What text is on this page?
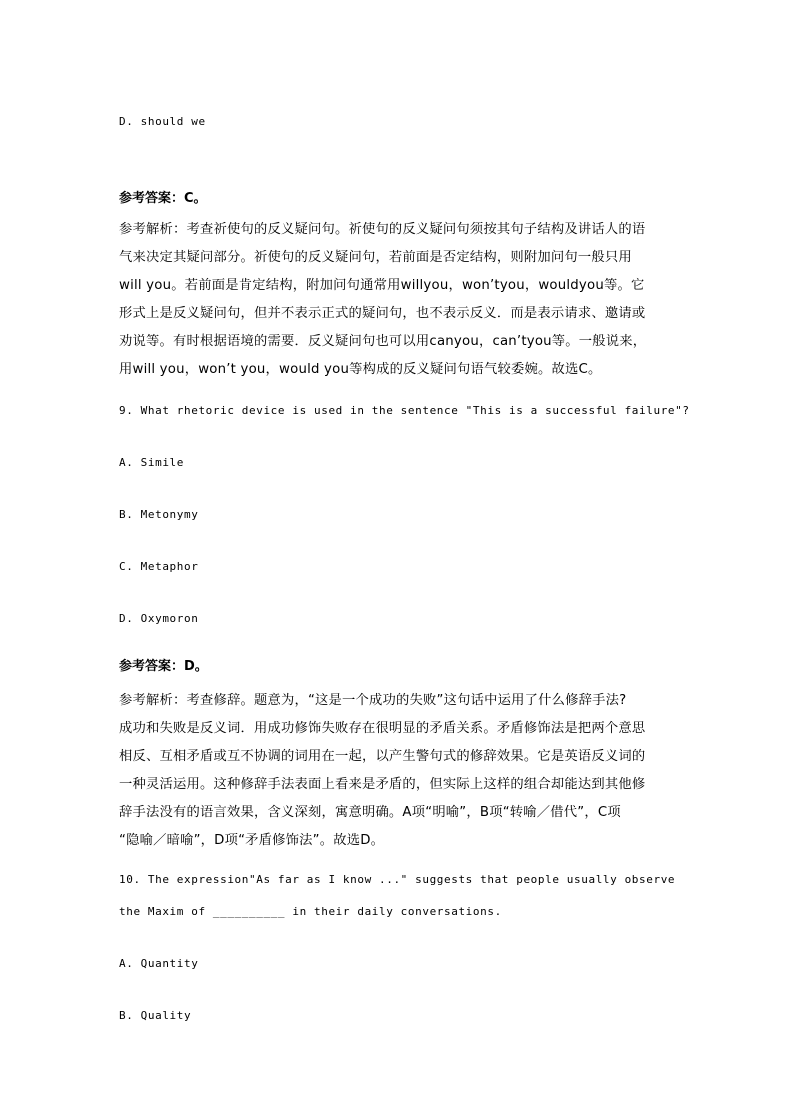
D. should we
参考答案：C。
参考解析：考查祈使句的反义疑问句。祈使句的反义疑问句须按其句子结构及讲话人的语
气来决定其疑问部分。祈使句的反义疑问句，若前面是否定结构，则附加问句一般只用
will you。若前面是肯定结构，附加问句通常用willyou，won’tyou，wouldyou等。它
形式上是反义疑问句，但并不表示正式的疑问句，也不表示反义．而是表示请求、邀请或
劝说等。有时根据语境的需要．反义疑问句也可以用canyou，can’tyou等。一般说来，
用will you，won’t you，would you等构成的反义疑问句语气较委婉。故选C。
9. What rhetoric device is used in the sentence "This is a successful failure"?
A. Simile
B. Metonymy
C. Metaphor
D. Oxymoron
参考答案：D。
参考解析：考查修辞。题意为，“这是一个成功的失败”这句话中运用了什么修辞手法?
成功和失败是反义词．用成功修饰失败存在很明显的矛盾关系。矛盾修饰法是把两个意思
相反、互相矛盾或互不协调的词用在一起，以产生警句式的修辞效果。它是英语反义词的
一种灵活运用。这种修辞手法表面上看来是矛盾的，但实际上这样的组合却能达到其他修
辞手法没有的语言效果，含义深刻，寓意明确。A项“明喻”，B项“转喻／借代”，C项
“隐喻／暗喻”，D项“矛盾修饰法”。故选D。
10. The expression"As far as I know ..." suggests that people usually observe
the Maxim of __________ in their daily conversations.
A. Quantity
B. Quality
